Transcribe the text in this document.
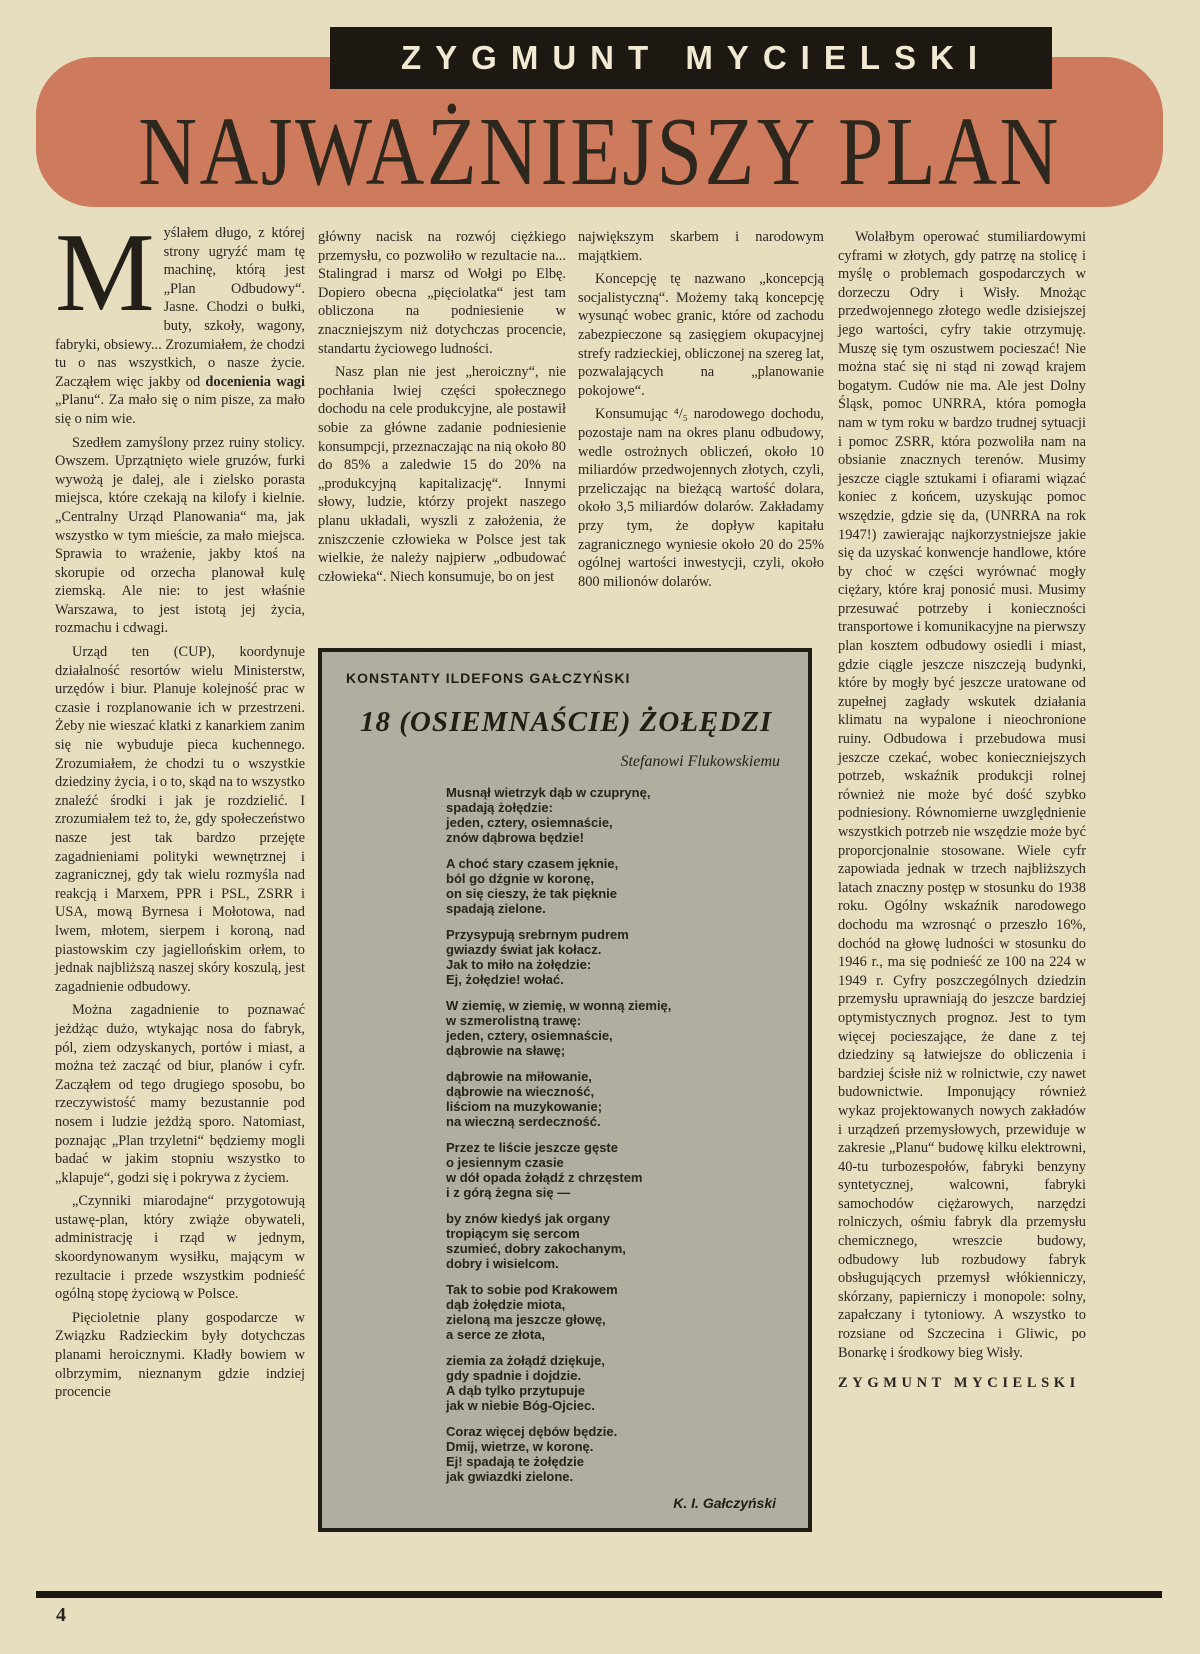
ZYGMUNT MYCIELSKI
NAJWAŻNIEJSZY PLAN

Myślałem długo, z której strony ugryźć mam tę machinę, którą jest „Plan Odbudowy“. Jasne. Chodzi o bułki, buty, szkoły, wagony, fabryki, obsiewy... Zrozumiałem, że chodzi tu o nas wszystkich, o nasze życie. Zacząłem więc jakby od docenienia wagi „Planu“. Za mało się o nim pisze, za mało się o nim wie.

Szedłem zamyślony przez ruiny stolicy. Owszem. Uprzątnięto wiele gruzów, furki wywożą je dalej, ale i zielsko porasta miejsca, które czekają na kilofy i kielnie. „Centralny Urząd Planowania“ ma, jak wszystko w tym mieście, za mało miejsca. Sprawia to wrażenie, jakby ktoś na skorupie od orzecha planował kulę ziemską. Ale nie: to jest właśnie Warszawa, to jest istotą jej życia, rozmachu i cdwagi.

Urząd ten (CUP), koordynuje działalność resortów wielu Ministerstw, urzędów i biur. Planuje kolejność prac w czasie i rozplanowanie ich w przestrzeni. Żeby nie wieszać klatki z kanarkiem zanim się nie wybuduje pieca kuchennego. Zrozumiałem, że chodzi tu o wszystkie dziedziny życia, i o to, skąd na to wszystko znaleźć środki i jak je rozdzielić. I zrozumiałem też to, że, gdy społeczeństwo nasze jest tak bardzo przejęte zagadnieniami polityki wewnętrznej i zagranicznej, gdy tak wielu rozmyśla nad reakcją i Marxem, PPR i PSL, ZSRR i USA, mową Byrnesa i Mołotowa, nad lwem, młotem, sierpem i koroną, nad piastowskim czy jagiellońskim orłem, to jednak najbliższą naszej skóry koszulą, jest zagadnienie odbudowy.

Można zagadnienie to poznawać jeżdżąc dużo, wtykając nosa do fabryk, pól, ziem odzyskanych, portów i miast, a można też zacząć od biur, planów i cyfr. Zacząłem od tego drugiego sposobu, bo rzeczywistość mamy bezustannie pod nosem i ludzie jeżdżą sporo. Natomiast, poznając „Plan trzyletni“ będziemy mogli badać w jakim stopniu wszystko to „klapuje“, godzi się i pokrywa z życiem.

„Czynniki miarodajne“ przygotowują ustawę-plan, który zwiąże obywateli, administrację i rząd w jednym, skoordynowanym wysiłku, mającym w rezultacie i przede wszystkim podnieść ogólną stopę życiową w Polsce.

Pięcioletnie plany gospodarcze w Związku Radzieckim były dotychczas planami heroicznymi. Kładły bowiem w olbrzymim, nieznanym gdzie indziej procencie

główny nacisk na rozwój ciężkiego przemysłu, co pozwoliło w rezultacie na... Stalingrad i marsz od Wołgi po Elbę. Dopiero obecna „pięciolatka“ jest tam obliczona na podniesienie w znaczniejszym niż dotychczas procencie, standartu życiowego ludności.

Nasz plan nie jest „heroiczny“, nie pochłania lwiej części społecznego dochodu na cele produkcyjne, ale postawił sobie za główne zadanie podniesienie konsumpcji, przeznaczając na nią około 80 do 85% a zaledwie 15 do 20% na „produkcyjną kapitalizację“. Innymi słowy, ludzie, którzy projekt naszego planu układali, wyszli z założenia, że zniszczenie człowieka w Polsce jest tak wielkie, że należy najpierw „odbudować człowieka“. Niech konsumuje, bo on jest

największym skarbem i narodowym majątkiem.

Koncepcję tę nazwano „koncepcją socjalistyczną“. Możemy taką koncepcję wysunąć wobec granic, które od zachodu zabezpieczone są zasięgiem okupacyjnej strefy radzieckiej, obliczonej na szereg lat, pozwalających na „planowanie pokojowe“.

Konsumując ⁴/₅ narodowego dochodu, pozostaje nam na okres planu odbudowy, wedle ostrożnych obliczeń, około 10 miliardów przedwojennych złotych, czyli, przeliczając na bieżącą wartość dolara, około 3,5 miliardów dolarów. Zakładamy przy tym, że dopływ kapitału zagranicznego wyniesie około 20 do 25% ogólnej wartości inwestycji, czyli, około 800 milionów dolarów.

Wolałbym operować stumiliardowymi cyframi w złotych, gdy patrzę na stolicę i myślę o problemach gospodarczych w dorzeczu Odry i Wisły. Mnożąc przedwojennego złotego wedle dzisiejszej jego wartości, cyfry takie otrzymuję. Muszę się tym oszustwem pocieszać! Nie można stać się ni stąd ni zowąd krajem bogatym. Cudów nie ma. Ale jest Dolny Śląsk, pomoc UNRRA, która pomogła nam w tym roku w bardzo trudnej sytuacji i pomoc ZSRR, która pozwoliła nam na obsianie znacznych terenów. Musimy jeszcze ciągle sztukami i ofiarami wiązać koniec z końcem, uzyskując pomoc wszędzie, gdzie się da, (UNRRA na rok 1947!) zawierając najkorzystniejsze jakie się da uzyskać konwencje handlowe, które by choć w części wyrównać mogły ciężary, które kraj ponosić musi. Musimy przesuwać potrzeby i konieczności transportowe i komunikacyjne na pierwszy plan kosztem odbudowy osiedli i miast, gdzie ciągle jeszcze niszczeją budynki, które by mogły być jeszcze uratowane od zupełnej zagłady wskutek działania klimatu na wypalone i nieochronione ruiny. Odbudowa i przebudowa musi jeszcze czekać, wobec konieczniejszych potrzeb, wskaźnik produkcji rolnej również nie może być dość szybko podniesiony. Równomierne uwzględnienie wszystkich potrzeb nie wszędzie może być proporcjonalnie stosowane. Wiele cyfr zapowiada jednak w trzech najbliższych latach znaczny postęp w stosunku do 1938 roku. Ogólny wskaźnik narodowego dochodu ma wzrosnąć o przeszło 16%, dochód na głowę ludności w stosunku do 1946 r., ma się podnieść ze 100 na 224 w 1949 r. Cyfry poszczególnych dziedzin przemysłu uprawniają do jeszcze bardziej optymistycznych prognoz. Jest to tym więcej pocieszające, że dane z tej dziedziny są łatwiejsze do obliczenia i bardziej ścisłe niż w rolnictwie, czy nawet budownictwie. Imponujący również wykaz projektowanych nowych zakładów i urządzeń przemysłowych, przewiduje w zakresie „Planu“ budowę kilku elektrowni, 40-tu turbozespołów, fabryki benzyny syntetycznej, walcowni, fabryki samochodów ciężarowych, narzędzi rolniczych, ośmiu fabryk dla przemysłu chemicznego, wreszcie budowy, odbudowy lub rozbudowy fabryk obsługujących przemysł włókienniczy, skórzany, papierniczy i monopole: solny, zapałczany i tytoniowy. A wszystko to rozsiane od Szczecina i Gliwic, po Bonarkę i środkowy bieg Wisły.

ZYGMUNT MYCIELSKI
KONSTANTY ILDEFONS GAŁCZYŃSKI
18 (OSIEMNAŚCIE) ŻOŁĘDZI
Stefanowi Flukowskiemu
Musnął wietrzyk dąb w czuprynę,
spadają żołędzie:
jeden, cztery, osiemnaście,
znów dąbrowa będzie!
A choć stary czasem jęknie,
ból go dźgnie w koronę,
on się cieszy, że tak pięknie
spadają zielone.
Przysypują srebrnym pudrem
gwiazdy świat jak kołacz.
Jak to miło na żołędzie:
Ej, żołędzie! wołać.
W ziemię, w ziemię, w wonną ziemię,
w szmerolistną trawę:
jeden, cztery, osiemnaście,
dąbrowie na sławę;
dąbrowie na miłowanie,
dąbrowie na wieczność,
liściom na muzykowanie;
na wieczną serdeczność.
Przez te liście jeszcze gęste
o jesiennym czasie
w dół opada żołądź z chrzęstem
i z górą żegna się —
by znów kiedyś jak organy
tropiącym się sercom
szumieć, dobry zakochanym,
dobry i wisielcom.
Tak to sobie pod Krakowem
dąb żołędzie miota,
zieloną ma jeszcze głowę,
a serce ze złota,
ziemia za żołądź dziękuje,
gdy spadnie i dojdzie.
A dąb tylko przytupuje
jak w niebie Bóg-Ojciec.
Coraz więcej dębów będzie.
Dmij, wietrze, w koronę.
Ej! spadają te żołędzie
jak gwiazdki zielone.
K. I. Gałczyński
4
